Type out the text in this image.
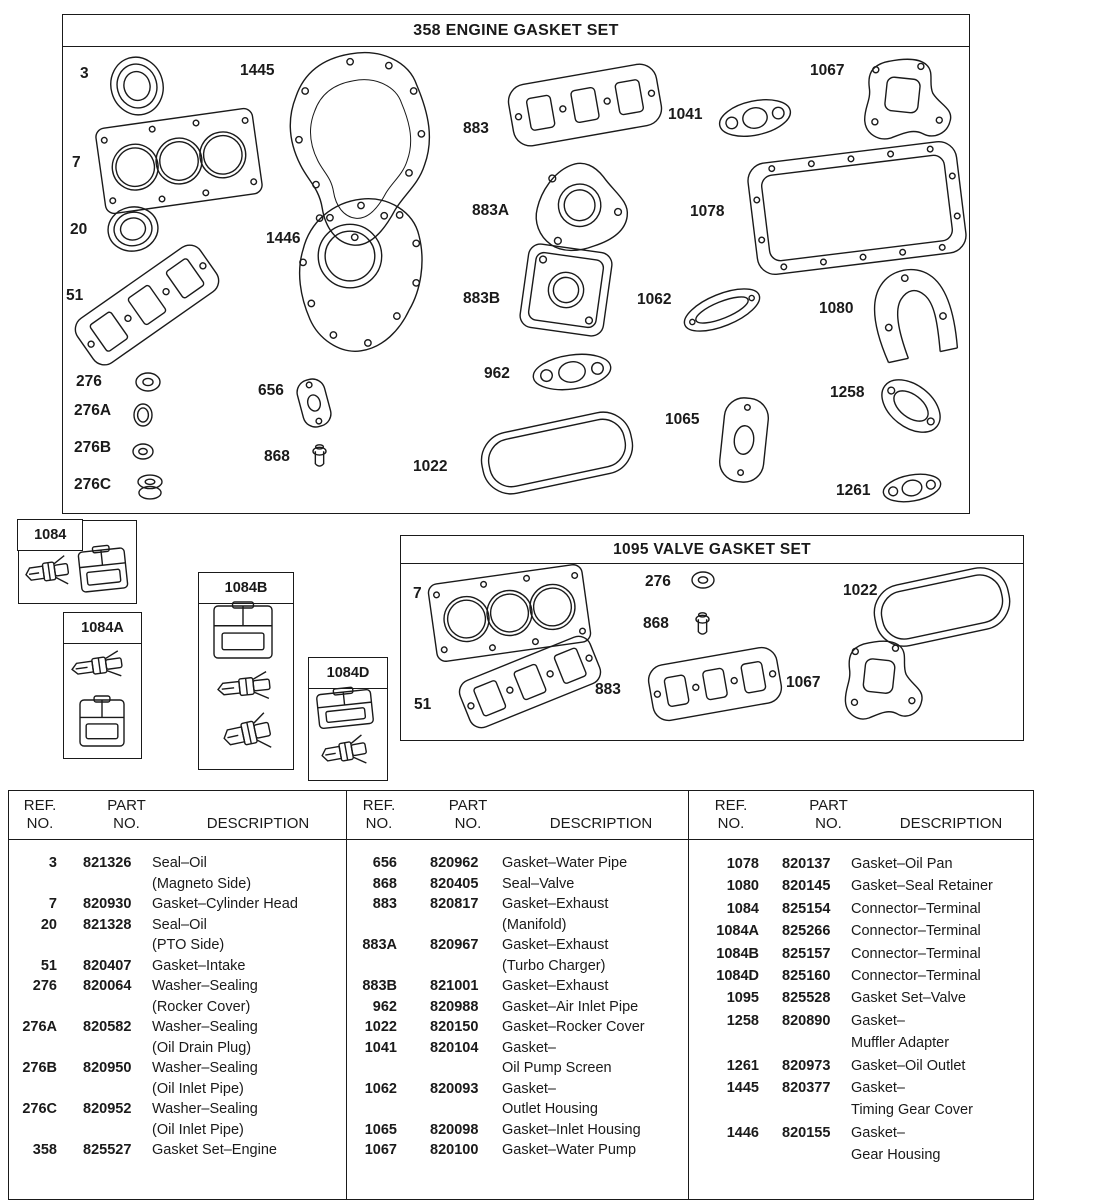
358 ENGINE GASKET SET
1084
1084A
1084B
1084D
1095 VALVE GASKET SET
3	1445
883
1041
1067
7
883A	1078
20
1446
51	883B	1062
1080
276
656
962
1258
276A
1065
276B
868
1022
276C	1261
7
276
1022
868
51
883	1067
REF.
NO.
PART
NO.	DESCRIPTION
3 821326	Seal–Oil
(Magneto Side)
7 820930	Gasket–Cylinder Head
20 821328	Seal–Oil
(PTO Side)
51 820407	Gasket–Intake
276 820064	Washer–Sealing
(Rocker Cover)
276A 820582	Washer–Sealing
(Oil Drain Plug)
276B 820950	Washer–Sealing
(Oil Inlet Pipe)
276C 820952	Washer–Sealing
(Oil Inlet Pipe)
358 825527	Gasket Set–Engine
REF.
NO.
PART
NO.	DESCRIPTION
656 820962	Gasket–Water Pipe
868 820405	Seal–Valve
883 820817	Gasket–Exhaust
(Manifold)
883A 820967	Gasket–Exhaust
(Turbo Charger)
883B 821001	Gasket–Exhaust
962 820988	Gasket–Air Inlet Pipe
1022 820150	Gasket–Rocker Cover
1041 820104	Gasket–
Oil Pump Screen
1062 820093	Gasket–
Outlet Housing
1065 820098	Gasket–Inlet Housing
1067 820100	Gasket–Water Pump
REF.
NO.
PART
NO.	DESCRIPTION
1078 820137	Gasket–Oil Pan
1080 820145	Gasket–Seal Retainer
1084 825154	Connector–Terminal
1084A 825266	Connector–Terminal
1084B 825157	Connector–Terminal
1084D 825160	Connector–Terminal
1095 825528	Gasket Set–Valve
1258 820890	Gasket–
Muffler Adapter
1261 820973	Gasket–Oil Outlet
1445 820377	Gasket–
Timing Gear Cover
1446 820155	Gasket–
Gear Housing
